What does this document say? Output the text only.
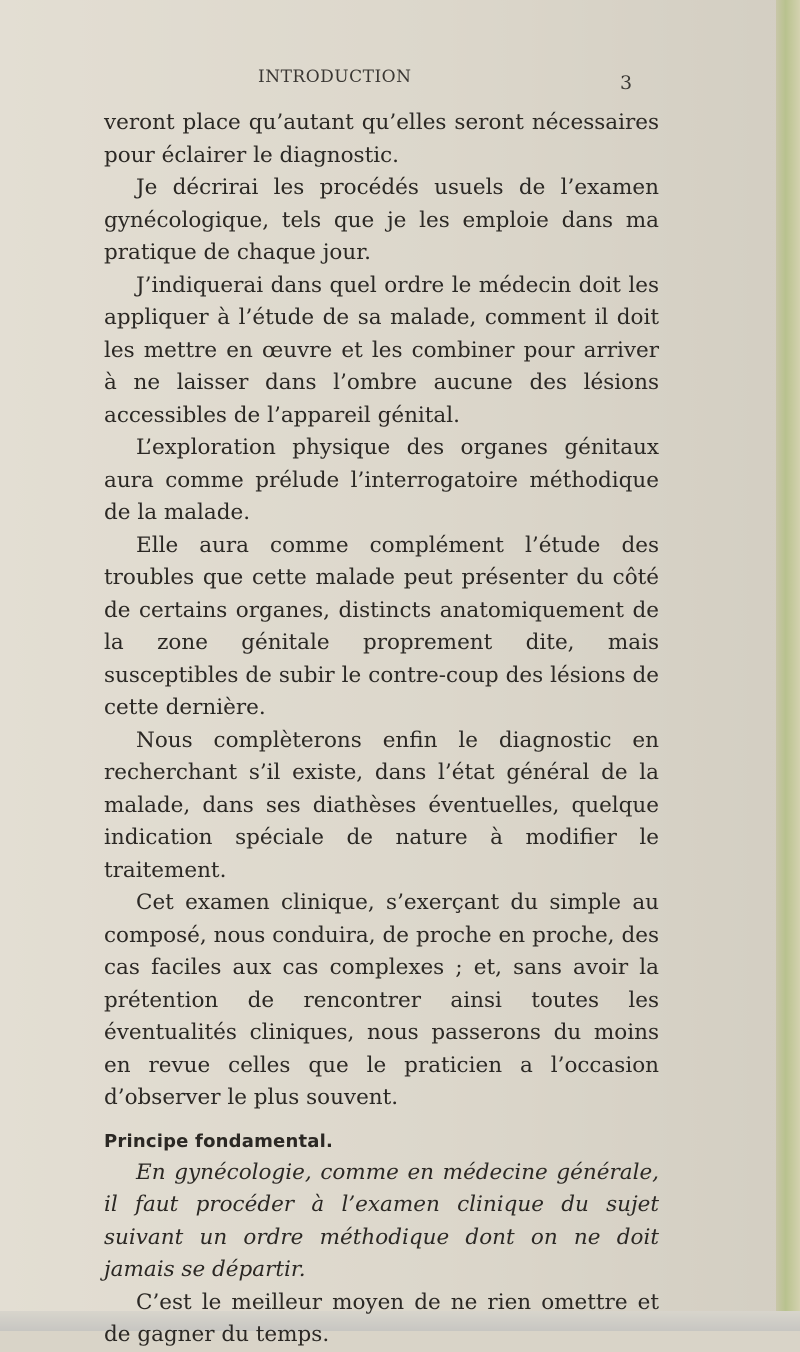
INTRODUCTION	3

veront place qu’autant qu’elles seront nécessaires pour éclairer le diagnostic.

Je décrirai les procédés usuels de l’examen gynécologique, tels que je les emploie dans ma pratique de chaque jour.

J’indiquerai dans quel ordre le médecin doit les appliquer à l’étude de sa malade, comment il doit les mettre en œuvre et les combiner pour arriver à ne laisser dans l’ombre aucune des lésions accessibles de l’appareil génital.

L’exploration physique des organes génitaux aura comme prélude l’interrogatoire méthodique de la malade.

Elle aura comme complément l’étude des troubles que cette malade peut présenter du côté de certains organes, distincts anatomiquement de la zone génitale proprement dite, mais susceptibles de subir le contre-coup des lésions de cette dernière.

Nous complèterons enfin le diagnostic en recherchant s’il existe, dans l’état général de la malade, dans ses diathèses éventuelles, quelque indication spéciale de nature à modifier le traitement.

Cet examen clinique, s’exerçant du simple au composé, nous conduira, de proche en proche, des cas faciles aux cas complexes ; et, sans avoir la prétention de rencontrer ainsi toutes les éventualités cliniques, nous passerons du moins en revue celles que le praticien a l’occasion d’observer le plus souvent.

Principe fondamental.

En gynécologie, comme en médecine générale, il faut procéder à l’examen clinique du sujet suivant un ordre méthodique dont on ne doit jamais se départir.

C’est le meilleur moyen de ne rien omettre et de gagner du temps.
